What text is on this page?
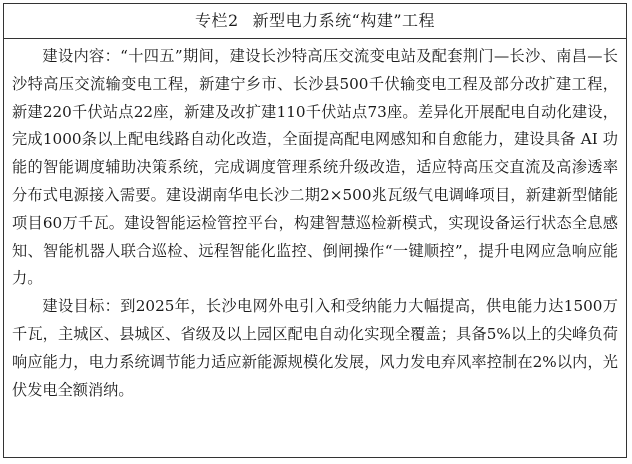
专栏2 新型电力系统“构建”工程

建设内容：“十四五”期间，建设长沙特高压交流变电站及配套荆门—长沙、南昌—长沙特高压交流输变电工程，新建宁乡市、长沙县500千伏输变电工程及部分改扩建工程，新建220千伏站点22座，新建及改扩建110千伏站点73座。差异化开展配电自动化建设，完成1000条以上配电线路自动化改造，全面提高配电网感知和自愈能力，建设具备 AI 功能的智能调度辅助决策系统，完成调度管理系统升级改造，适应特高压交直流及高渗透率分布式电源接入需要。建设湖南华电长沙二期2×500兆瓦级气电调峰项目，新建新型储能项目60万千瓦。建设智能运检管控平台，构建智慧巡检新模式，实现设备运行状态全息感知、智能机器人联合巡检、远程智能化监控、倒闸操作“一键顺控”，提升电网应急响应能力。

建设目标：到2025年，长沙电网外电引入和受纳能力大幅提高，供电能力达1500万千瓦，主城区、县城区、省级及以上园区配电自动化实现全覆盖；具备5%以上的尖峰负荷响应能力，电力系统调节能力适应新能源规模化发展，风力发电弃风率控制在2%以内，光伏发电全额消纳。
